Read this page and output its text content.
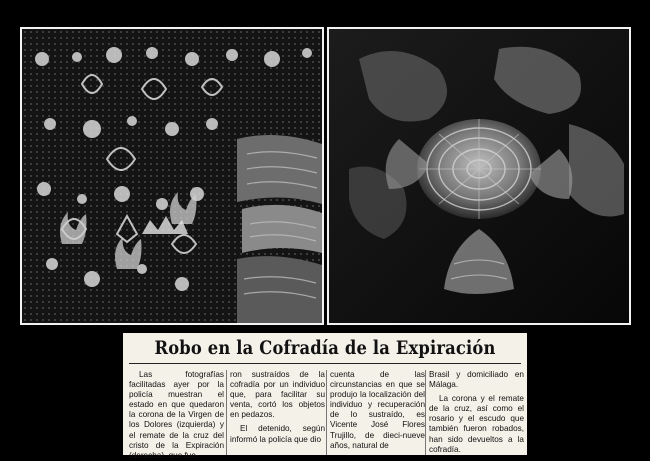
Robo en la Cofradía de la Expiración

Las fotografías facilitadas ayer por la policía muestran el estado en que quedaron la corona de la Virgen de los Dolores (izquierda) y el remate de la cruz del cristo de la Expiración (derecha), que fue-

ron sustraídos de la cofradía por un individuo que, para facilitar su venta, cortó los objetos en pedazos.

El detenido, según informó la policía que dio

cuenta de las circunstancias en que se produjo la localización del individuo y recuperación de lo sustraído, es Vicente José Flores Trujillo, de dieci-nueve años, natural de

Brasil y domiciliado en Málaga.

La corona y el remate de la cruz, así como el rosario y el escudo que también fueron robados, han sido devueltos a la cofradía.
